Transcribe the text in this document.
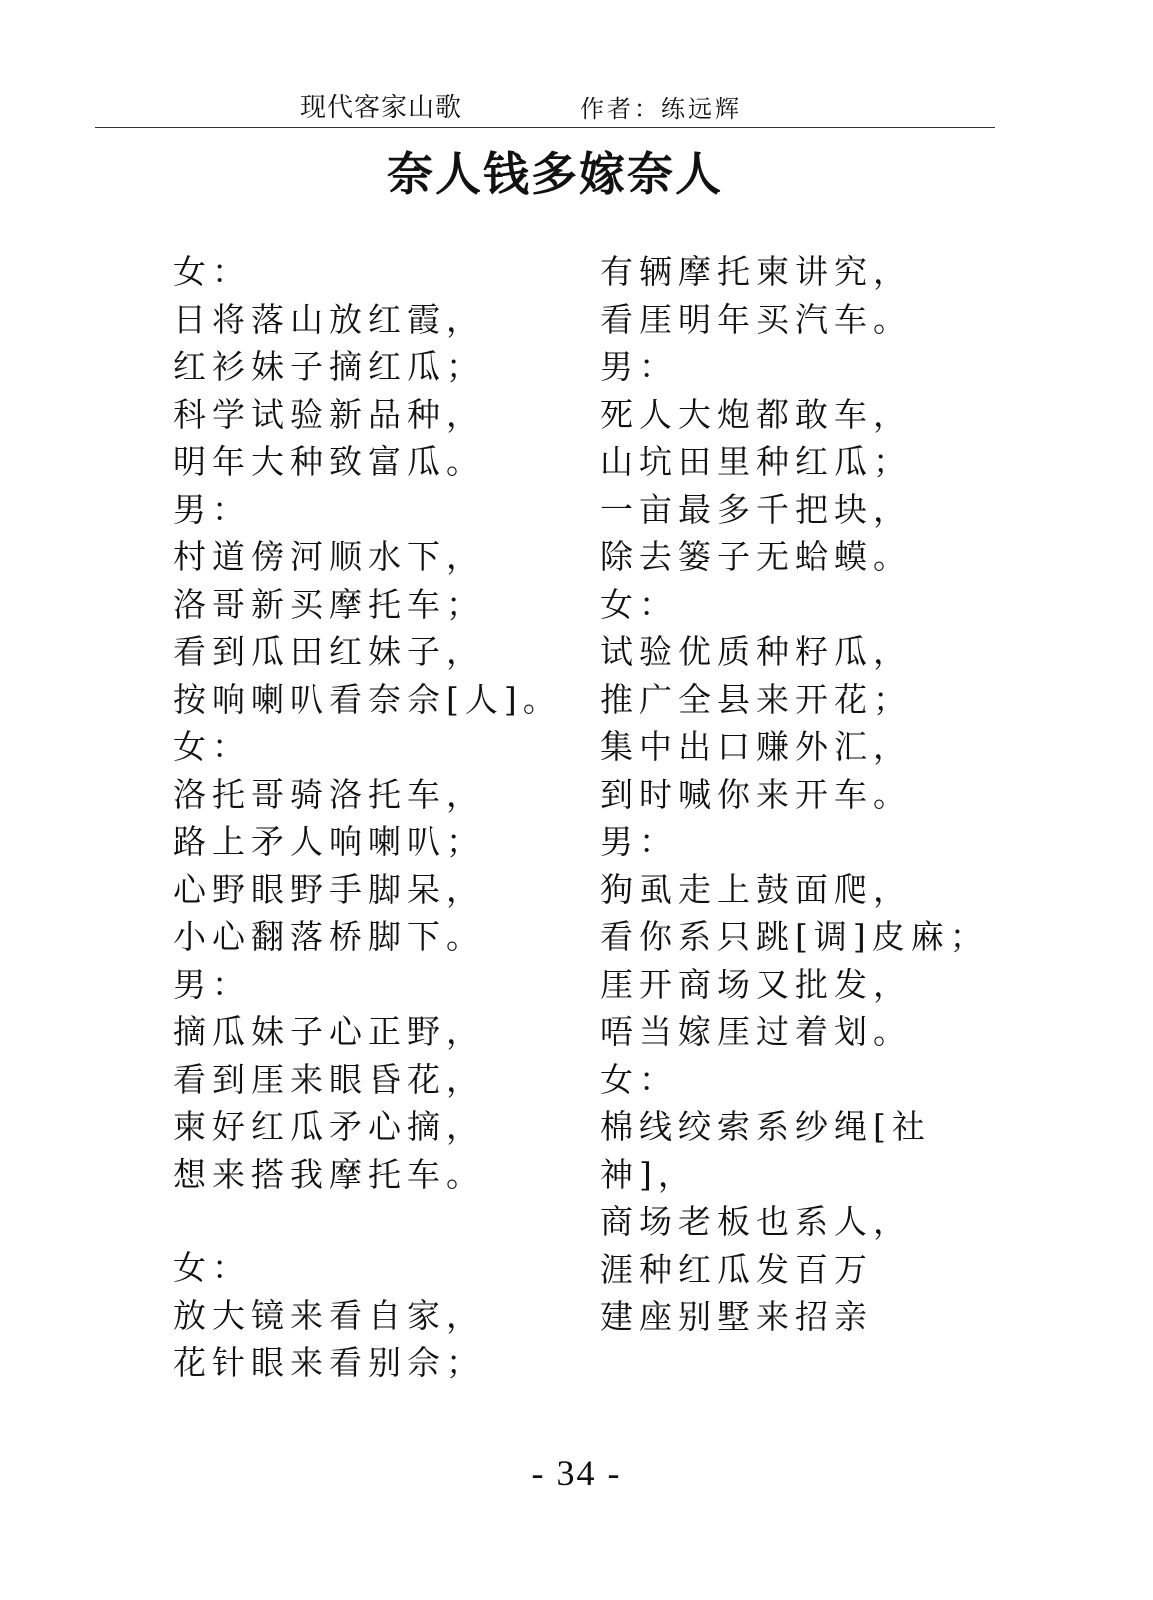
现代客家山歌	作者：练远辉
奈人钱多嫁奈人
女：
日将落山放红霞，
红衫妹子摘红瓜；
科学试验新品种，
明年大种致富瓜。
男：
村道傍河顺水下，
洛哥新买摩托车；
看到瓜田红妹子，
按响喇叭看奈佘[人]。
女：
洛托哥骑洛托车，
路上矛人响喇叭；
心野眼野手脚呆，
小心翻落桥脚下。
男：
摘瓜妹子心正野，
看到厓来眼昏花，
柬好红瓜矛心摘，
想来搭我摩托车。
女：
放大镜来看自家，
花针眼来看别佘；
有辆摩托柬讲究，
看厓明年买汽车。
男：
死人大炮都敢车，
山坑田里种红瓜；
一亩最多千把块，
除去篓子无蛤蟆。
女：
试验优质种籽瓜，
推广全县来开花；
集中出口赚外汇，
到时喊你来开车。
男：
狗虱走上鼓面爬，
看你系只跳[调]皮麻；
厓开商场又批发，
唔当嫁厓过着划。
女：
棉线绞索系纱绳[社
神]，
商场老板也系人，
涯种红瓜发百万
建座别墅来招亲
- 34 -
